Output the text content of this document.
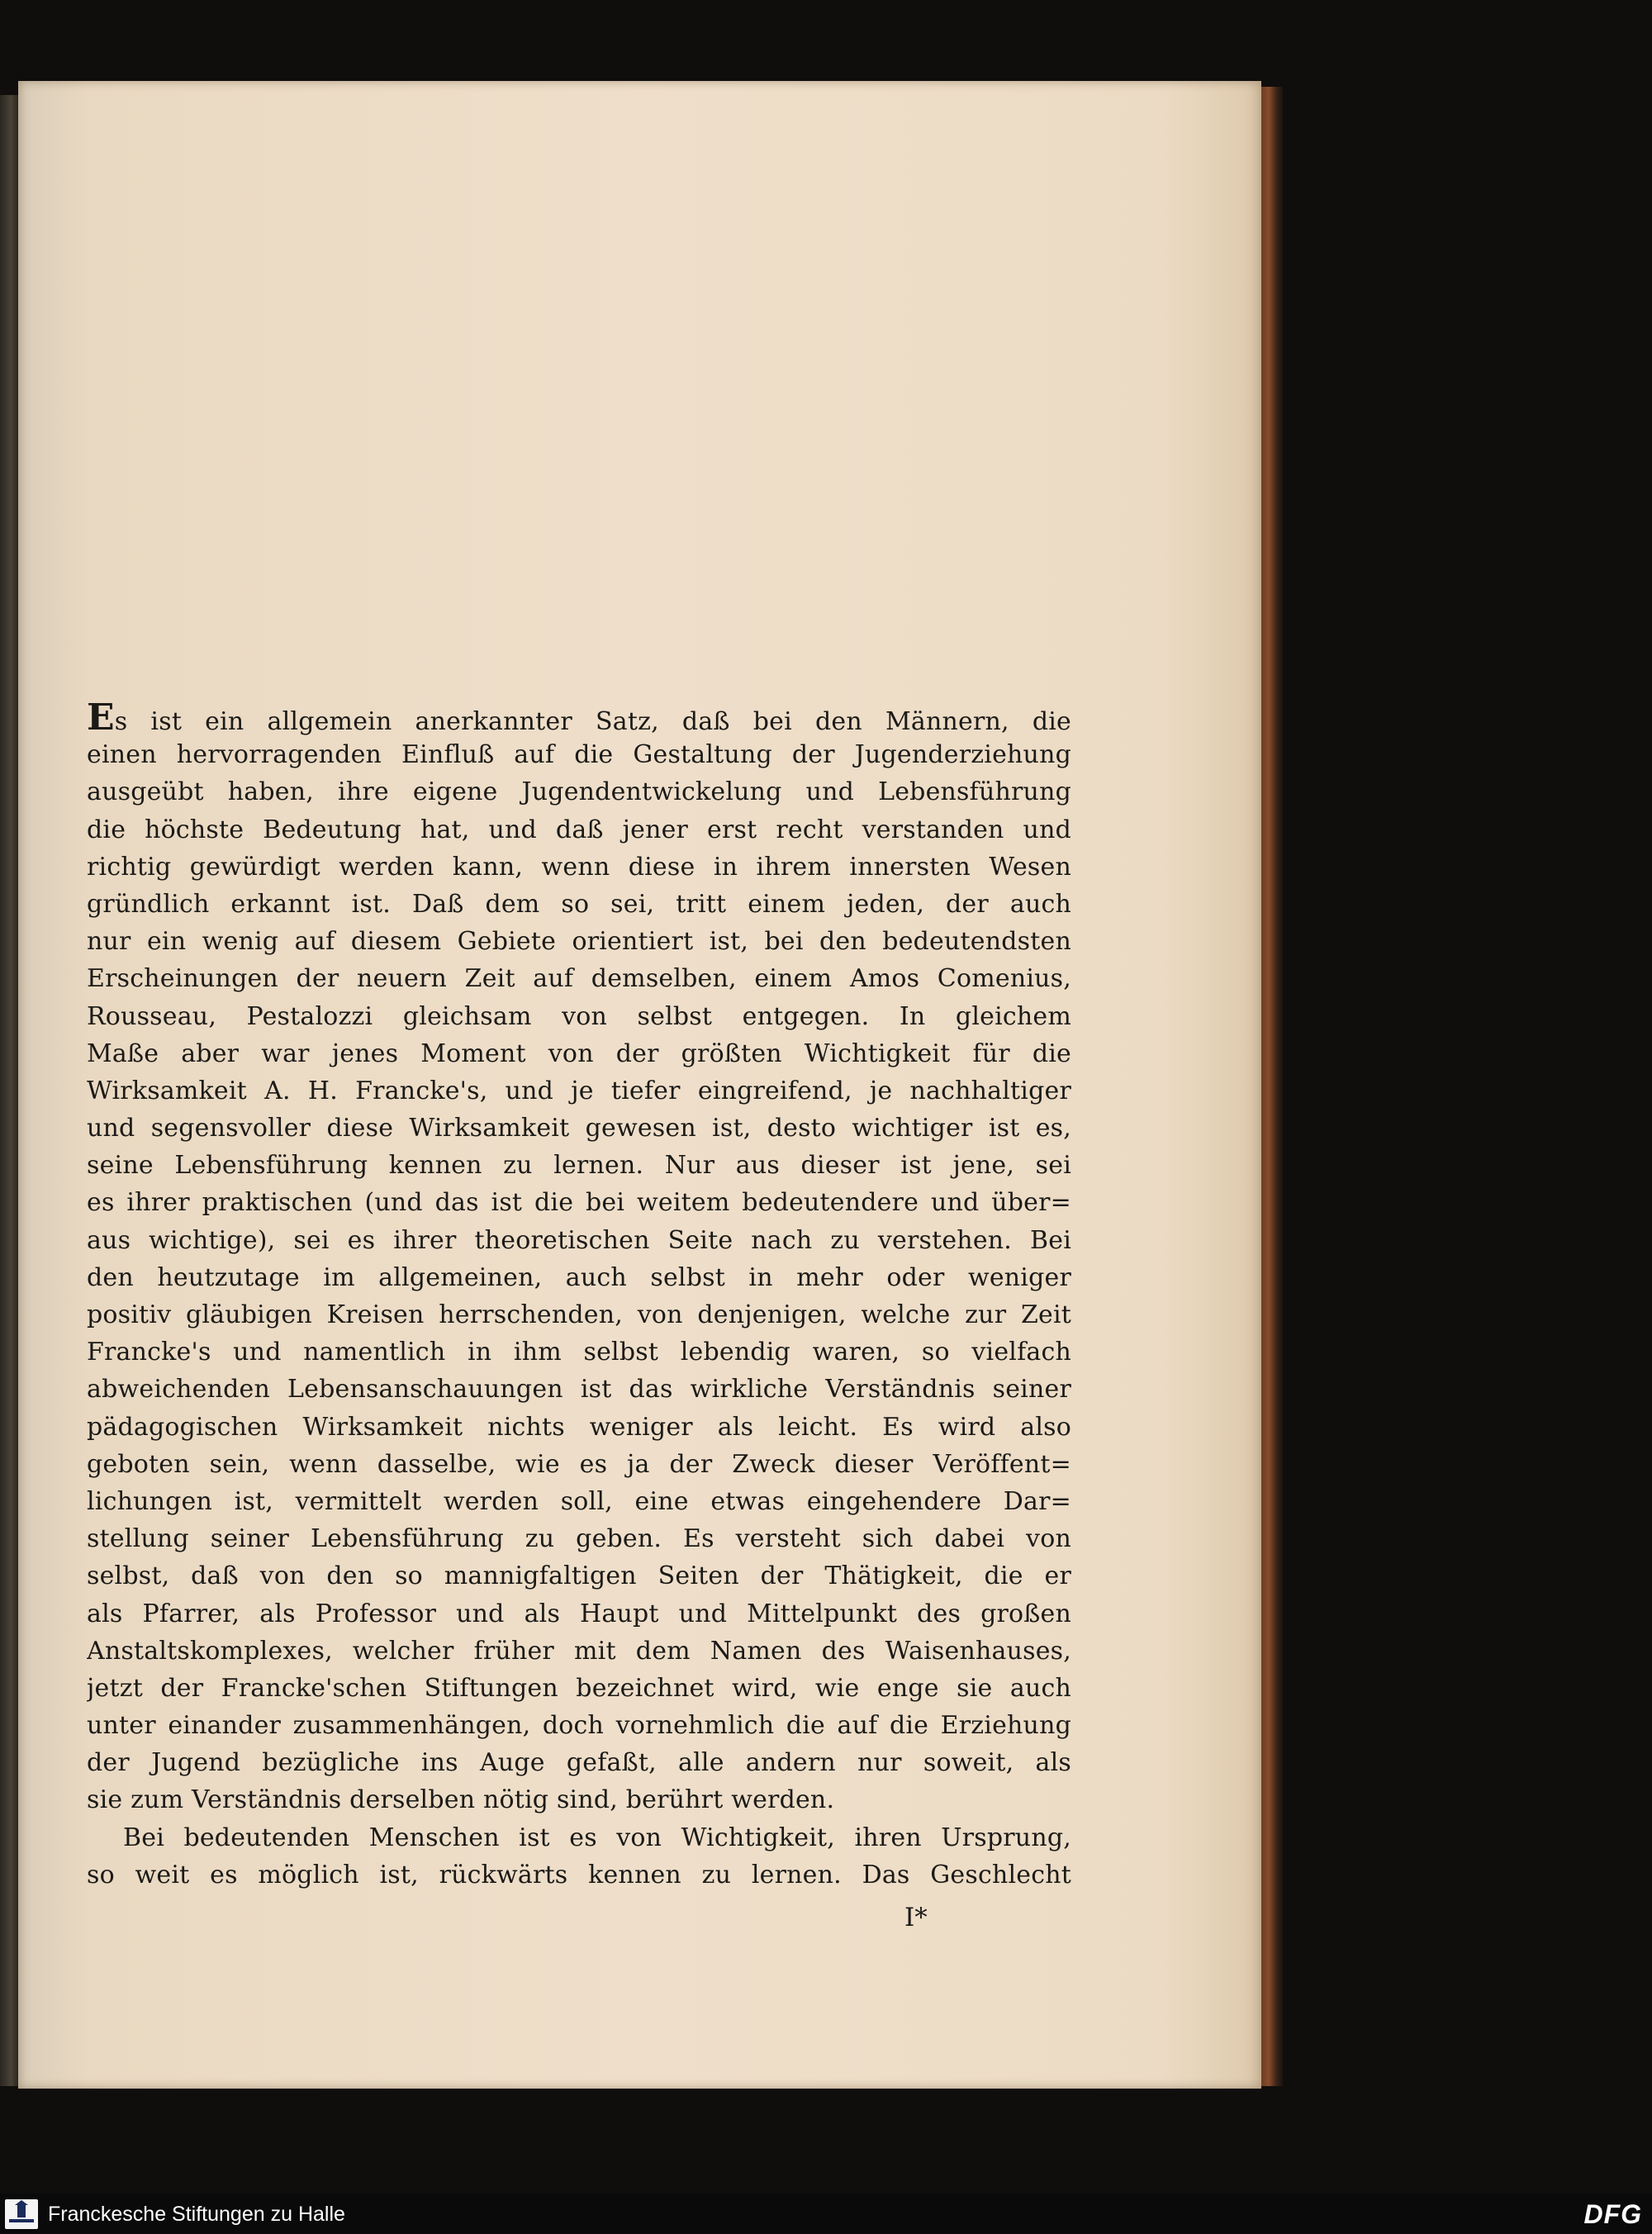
Es ist ein allgemein anerkannter Satz, daß bei den Männern, die
einen hervorragenden Einfluß auf die Gestaltung der Jugenderziehung
ausgeübt haben, ihre eigene Jugendentwickelung und Lebensführung
die höchste Bedeutung hat, und daß jener erst recht verstanden und
richtig gewürdigt werden kann, wenn diese in ihrem innersten Wesen
gründlich erkannt ist. Daß dem so sei, tritt einem jeden, der auch
nur ein wenig auf diesem Gebiete orientiert ist, bei den bedeutendsten
Erscheinungen der neuern Zeit auf demselben, einem Amos Comenius,
Rousseau, Pestalozzi gleichsam von selbst entgegen. In gleichem
Maße aber war jenes Moment von der größten Wichtigkeit für die
Wirksamkeit A. H. Francke's, und je tiefer eingreifend, je nachhaltiger
und segensvoller diese Wirksamkeit gewesen ist, desto wichtiger ist es,
seine Lebensführung kennen zu lernen. Nur aus dieser ist jene, sei
es ihrer praktischen (und das ist die bei weitem bedeutendere und über=
aus wichtige), sei es ihrer theoretischen Seite nach zu verstehen. Bei
den heutzutage im allgemeinen, auch selbst in mehr oder weniger
positiv gläubigen Kreisen herrschenden, von denjenigen, welche zur Zeit
Francke's und namentlich in ihm selbst lebendig waren, so vielfach
abweichenden Lebensanschauungen ist das wirkliche Verständnis seiner
pädagogischen Wirksamkeit nichts weniger als leicht. Es wird also
geboten sein, wenn dasselbe, wie es ja der Zweck dieser Veröffent=
lichungen ist, vermittelt werden soll, eine etwas eingehendere Dar=
stellung seiner Lebensführung zu geben. Es versteht sich dabei von
selbst, daß von den so mannigfaltigen Seiten der Thätigkeit, die er
als Pfarrer, als Professor und als Haupt und Mittelpunkt des großen
Anstaltskomplexes, welcher früher mit dem Namen des Waisenhauses,
jetzt der Francke'schen Stiftungen bezeichnet wird, wie enge sie auch
unter einander zusammenhängen, doch vornehmlich die auf die Erziehung
der Jugend bezügliche ins Auge gefaßt, alle andern nur soweit, als
sie zum Verständnis derselben nötig sind, berührt werden.
Bei bedeutenden Menschen ist es von Wichtigkeit, ihren Ursprung,
so weit es möglich ist, rückwärts kennen zu lernen. Das Geschlecht
I*
Franckesche Stiftungen zu Halle	DFG
